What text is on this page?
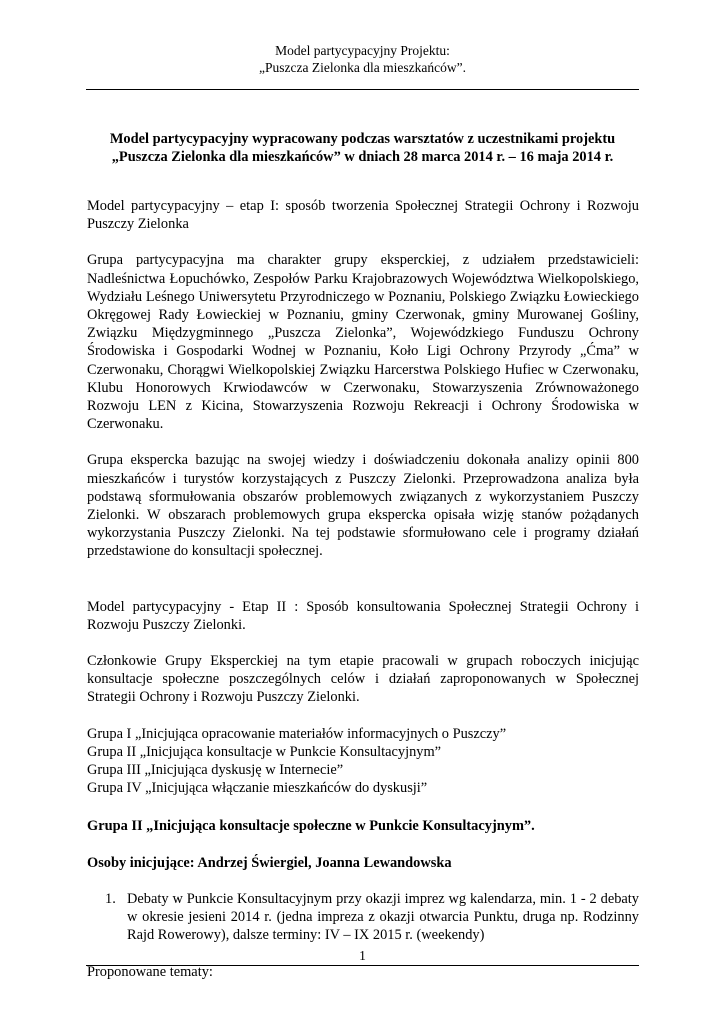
Model partycypacyjny Projektu:
„Puszcza Zielonka dla mieszkańców”.
Model partycypacyjny wypracowany podczas warsztatów z uczestnikami projektu
„Puszcza Zielonka dla mieszkańców” w dniach 28 marca 2014 r. – 16 maja 2014 r.

Model partycypacyjny – etap I: sposób tworzenia Społecznej Strategii Ochrony i Rozwoju Puszczy Zielonka

Grupa partycypacyjna ma charakter grupy eksperckiej, z udziałem przedstawicieli: Nadleśnictwa Łopuchówko, Zespołów Parku Krajobrazowych Województwa Wielkopolskiego, Wydziału Leśnego Uniwersytetu Przyrodniczego w Poznaniu, Polskiego Związku Łowieckiego Okręgowej Rady Łowieckiej w Poznaniu, gminy Czerwonak, gminy Murowanej Gośliny, Związku Międzygminnego „Puszcza Zielonka”, Wojewódzkiego Funduszu Ochrony Środowiska i Gospodarki Wodnej w Poznaniu, Koło Ligi Ochrony Przyrody „Ćma” w Czerwonaku, Chorągwi Wielkopolskiej Związku Harcerstwa Polskiego Hufiec w Czerwonaku, Klubu Honorowych Krwiodawców w Czerwonaku, Stowarzyszenia Zrównoważonego Rozwoju LEN z Kicina, Stowarzyszenia Rozwoju Rekreacji i Ochrony Środowiska w Czerwonaku.

Grupa ekspercka bazując na swojej wiedzy i doświadczeniu dokonała analizy opinii 800 mieszkańców i turystów korzystających z Puszczy Zielonki. Przeprowadzona analiza była podstawą sformułowania obszarów problemowych związanych z wykorzystaniem Puszczy Zielonki. W obszarach problemowych grupa ekspercka opisała wizję stanów pożądanych wykorzystania Puszczy Zielonki. Na tej podstawie sformułowano cele i programy działań przedstawione do konsultacji społecznej.

Model partycypacyjny - Etap II : Sposób konsultowania Społecznej Strategii Ochrony i Rozwoju Puszczy Zielonki.

Członkowie Grupy Eksperckiej na tym etapie pracowali w grupach roboczych inicjując konsultacje społeczne poszczególnych celów i działań zaproponowanych w Społecznej Strategii Ochrony i Rozwoju Puszczy Zielonki.

Grupa I „Inicjująca opracowanie materiałów informacyjnych o Puszczy”

Grupa II „Inicjująca konsultacje w Punkcie Konsultacyjnym”

Grupa III „Inicjująca dyskusję w Internecie”

Grupa IV „Inicjująca włączanie mieszkańców do dyskusji”

Grupa II „Inicjująca konsultacje społeczne w Punkcie Konsultacyjnym”.

Osoby inicjujące: Andrzej Świergiel, Joanna Lewandowska

1. Debaty w Punkcie Konsultacyjnym przy okazji imprez wg kalendarza, min. 1 - 2 debaty w okresie jesieni 2014 r. (jedna impreza z okazji otwarcia Punktu, druga np. Rodzinny Rajd Rowerowy), dalsze terminy: IV – IX 2015 r. (weekendy)

Proponowane tematy:

1
